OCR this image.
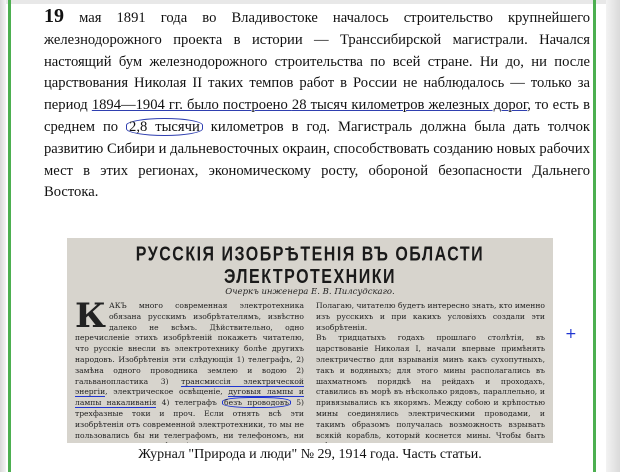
19 мая 1891 года во Владивостоке началось строительство крупнейшего железнодорожного проекта в истории — Транссибирской магистрали. Начался настоящий бум железнодорожного строительства по всей стране. Ни до, ни после царствования Николая II таких темпов работ в России не наблюдалось — только за период 1894—1904 гг. было построено 28 тысяч километров железных дорог, то есть в среднем по 2,8 тысячи километров в год. Магистраль должна была дать толчок развитию Сибири и дальневосточных окраин, способствовать созданию новых рабочих мест в этих регионах, экономическому росту, обороной безопасности Дальнего Востока.

РУССКІЯ ИЗОБРѢТЕНІЯ ВЪ ОБЛАСТИ ЭЛЕКТРОТЕХНИКИ
Очеркъ инженера Е. В. Пилсудскаго.
КАКЪ много современная электротехника обязана русскимъ изобрѣтателямъ, извѣстно далеко не всѣмъ. Дѣйствительно, одно перечисленіе этихъ изобрѣтеній покажетъ читателю, что русскіе внесли въ электротехнику болѣе другихъ народовъ. Изобрѣтенія эти слѣдующія 1) телеграфъ, 2) замѣна одного проводника землею и водою 2) гальванопластика 3) трансмиссія электрической энергіи, электрическое освѣщеніе, дуговыя лампы и лампы накаливанія 4) телеграфъ безъ проводовъ 5) трехфазные токи и проч. Если отнять всѣ эти изобрѣтенія отъ современной электротехники, то мы не пользовались бы ни телеграфомъ, ни телефономъ, ни
Полагаю, читателю будетъ интересно знать, кто именно изъ русскихъ и при какихъ условіяхъ создали эти изобрѣтенія.
Въ тридцатыхъ годахъ прошлаго столѣтія, въ царствованіе Николая I, начали впервые примѣнять электричество для взрыванія минъ какъ сухопутныхъ, такъ и водяныхъ; для этого мины располагались въ шахматномъ порядкѣ на рейдахъ и проходахъ, ставились въ морѣ въ нѣсколько рядовъ, параллельно, и привязывались къ якорямъ. Между собою и крѣпостью мины соединялись электрическими проводами, и такимъ образомъ получалась возможность взрывать всякій корабль, который коснется мины. Чтобы быть
+
Журнал "Природа и люди" № 29, 1914 года. Часть статьи.
